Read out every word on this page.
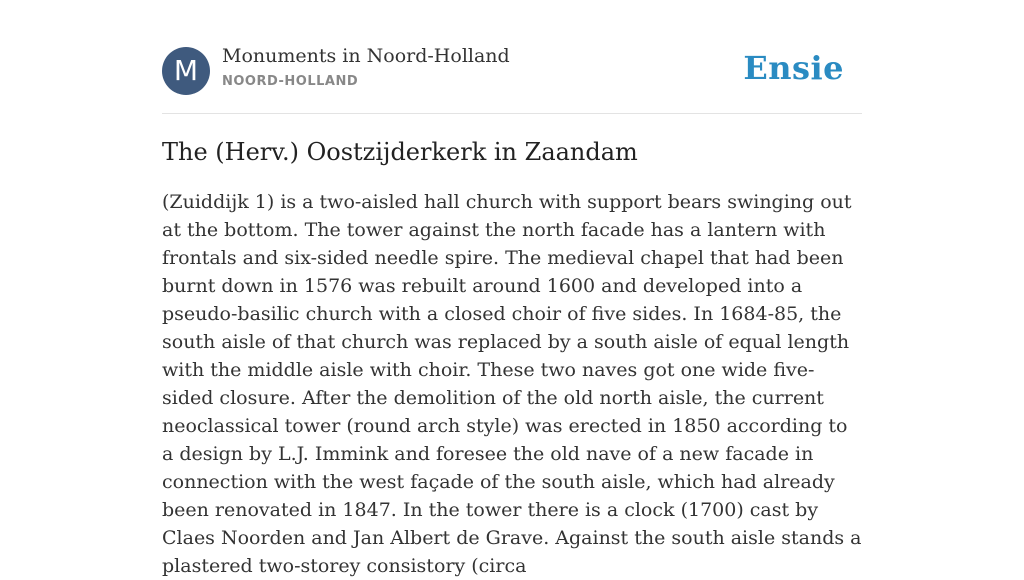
M	Monuments in Noord-Holland
NOORD-HOLLAND	Ensie
The (Herv.) Oostzijderkerk in Zaandam

(Zuiddijk 1) is a two-aisled hall church with support bears swinging out at the bottom. The tower against the north facade has a lantern with frontals and six-sided needle spire. The medieval chapel that had been burnt down in 1576 was rebuilt around 1600 and developed into a pseudo-basilic church with a closed choir of five sides. In 1684-85, the south aisle of that church was replaced by a south aisle of equal length with the middle aisle with choir. These two naves got one wide five-sided closure. After the demolition of the old north aisle, the current neoclassical tower (round arch style) was erected in 1850 according to a design by L.J. Immink and foresee the old nave of a new facade in connection with the west façade of the south aisle, which had already been renovated in 1847. In the tower there is a clock (1700) cast by Claes Noorden and Jan Albert de Grave. Against the south aisle stands a plastered two-storey consistory (circa
